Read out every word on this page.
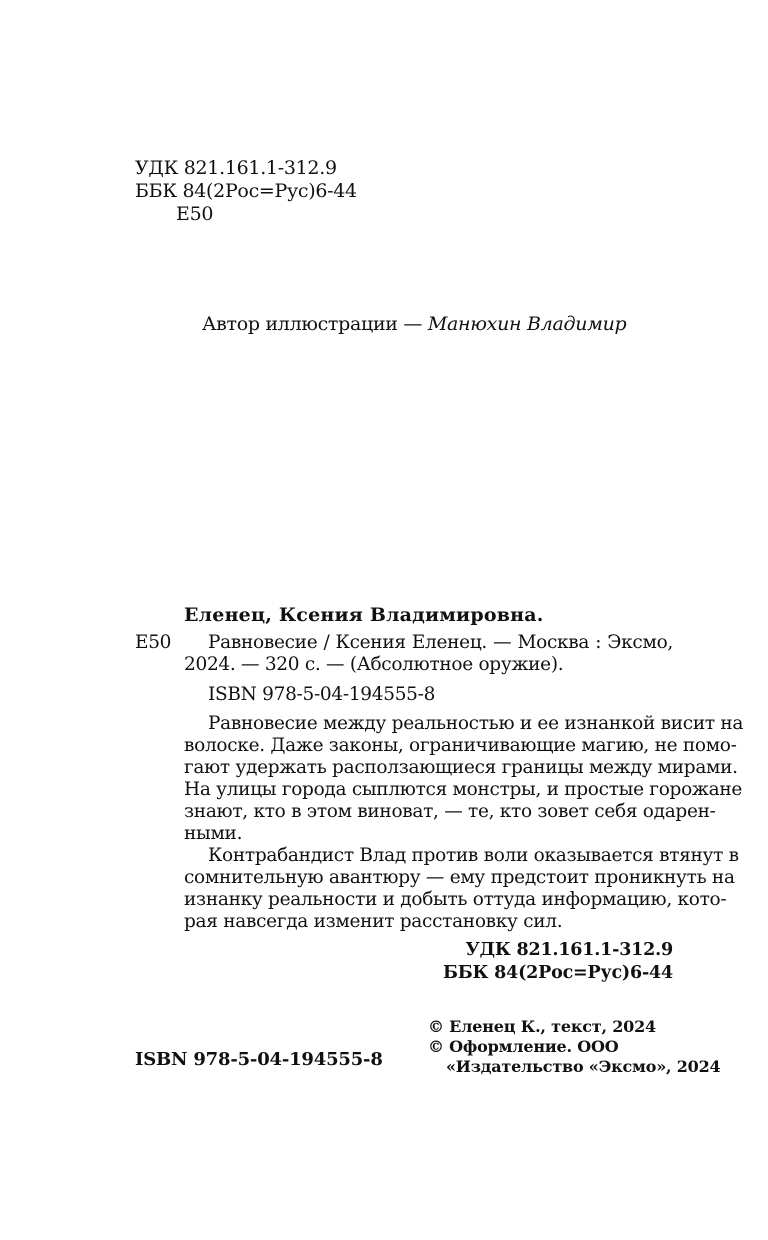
УДК 821.161.1-312.9
ББК 84(2Рос=Рус)6-44
Е50
Автор иллюстрации — Манюхин Владимир
Еленец, Ксения Владимировна.
Е50 Равновесие / Ксения Еленец. — Москва : Эксмо,
2024. — 320 с. — (Абсолютное оружие).
ISBN 978-5-04-194555-8
Равновесие между реальностью и ее изнанкой висит на
волоске. Даже законы, ограничивающие магию, не помо-
гают удержать расползающиеся границы между мирами.
На улицы города сыплются монстры, и простые горожане
знают, кто в этом виноват, — те, кто зовет себя одарен-
ными.
Контрабандист Влад против воли оказывается втянут в
сомнительную авантюру — ему предстоит проникнуть на
изнанку реальности и добыть оттуда информацию, кото-
рая навсегда изменит расстановку сил.
УДК 821.161.1-312.9
ББК 84(2Рос=Рус)6-44
ISBN 978-5-04-194555-8
© Еленец К., текст, 2024
© Оформление. ООО
«Издательство «Эксмо», 2024
